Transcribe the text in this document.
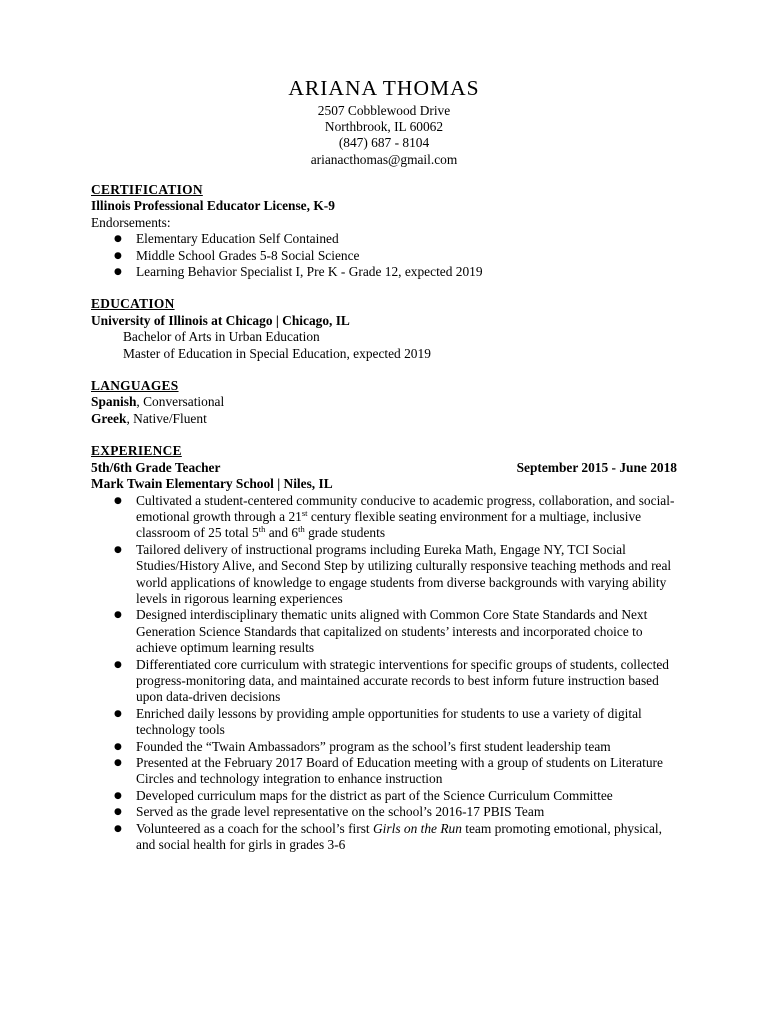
ARIANA THOMAS
2507 Cobblewood Drive
Northbrook, IL 60062
(847) 687 - 8104
arianacthomas@gmail.com
CERTIFICATION
Illinois Professional Educator License, K-9
Endorsements:
● Elementary Education Self Contained
● Middle School Grades 5-8 Social Science
● Learning Behavior Specialist I, Pre K - Grade 12, expected 2019
EDUCATION
University of Illinois at Chicago | Chicago, IL
Bachelor of Arts in Urban Education
Master of Education in Special Education, expected 2019
LANGUAGES
Spanish, Conversational
Greek, Native/Fluent
EXPERIENCE
5th/6th Grade Teacher	September 2015 - June 2018
Mark Twain Elementary School | Niles, IL
● Cultivated a student-centered community conducive to academic progress, collaboration, and social-emotional growth through a 21st century flexible seating environment for a multiage, inclusive classroom of 25 total 5th and 6th grade students
● Tailored delivery of instructional programs including Eureka Math, Engage NY, TCI Social Studies/History Alive, and Second Step by utilizing culturally responsive teaching methods and real world applications of knowledge to engage students from diverse backgrounds with varying ability levels in rigorous learning experiences
● Designed interdisciplinary thematic units aligned with Common Core State Standards and Next Generation Science Standards that capitalized on students’ interests and incorporated choice to achieve optimum learning results
● Differentiated core curriculum with strategic interventions for specific groups of students, collected progress-monitoring data, and maintained accurate records to best inform future instruction based upon data-driven decisions
● Enriched daily lessons by providing ample opportunities for students to use a variety of digital technology tools
● Founded the “Twain Ambassadors” program as the school’s first student leadership team
● Presented at the February 2017 Board of Education meeting with a group of students on Literature Circles and technology integration to enhance instruction
● Developed curriculum maps for the district as part of the Science Curriculum Committee
● Served as the grade level representative on the school’s 2016-17 PBIS Team
● Volunteered as a coach for the school’s first Girls on the Run team promoting emotional, physical, and social health for girls in grades 3-6
